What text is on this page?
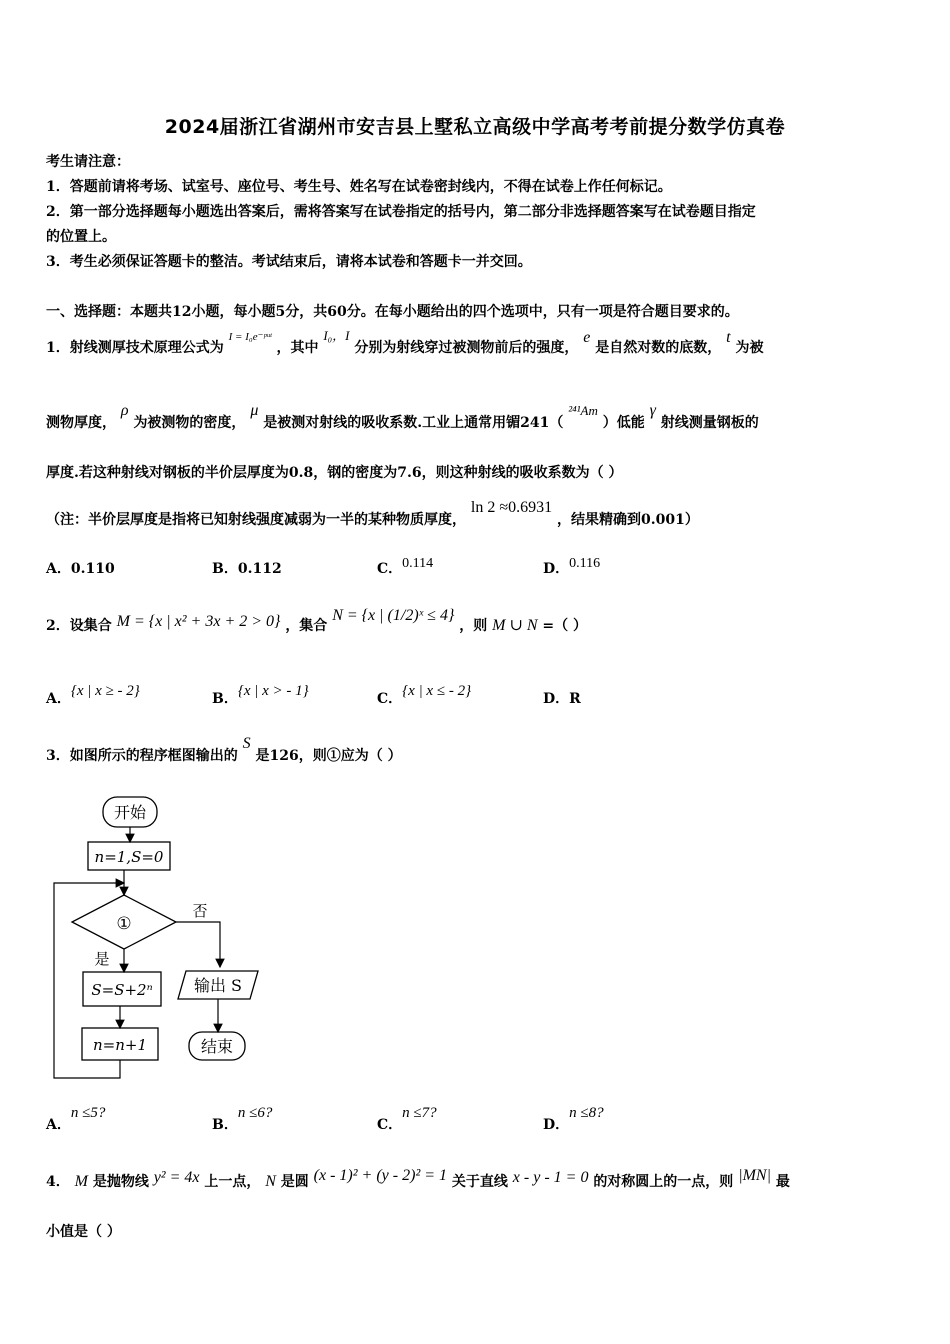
2024届浙江省湖州市安吉县上墅私立高级中学高考考前提分数学仿真卷
考生请注意：
1．答题前请将考场、试室号、座位号、考生号、姓名写在试卷密封线内，不得在试卷上作任何标记。
2．第一部分选择题每小题选出答案后，需将答案写在试卷指定的括号内，第二部分非选择题答案写在试卷题目指定
的位置上。
3．考生必须保证答题卡的整洁。考试结束后，请将本试卷和答题卡一并交回。
一、选择题：本题共12小题，每小题5分，共60分。在每小题给出的四个选项中，只有一项是符合题目要求的。
1．射线测厚技术原理公式为 $^{I = I_0e^-ᵖᵘᵗ}$ ，其中 I₀，I 分别为射线穿过被测物前后的强度， e 是自然对数的底数， t 为被
测物厚度， ρ 为被测物的密度， μ 是被测对射线的吸收系数.工业上通常用镅241（ ²⁴¹Am ）低能 γ 射线测量钢板的
厚度.若这种射线对钢板的半价层厚度为0.8，钢的密度为7.6，则这种射线的吸收系数为（ ）
（注：半价层厚度是指将已知射线强度减弱为一半的某种物质厚度， ln 2 ≈0.6931 ，结果精确到0.001）
A．0.110	B．0.112	C．0.114	D．0.116
2．设集合 M = {x | x² + 3x + 2 > 0} ，集合 N = {x | (1/2)ˣ ≤ 4} ，则 M ∪ N =（ ）
A．{x | x ≥ - 2}	B．{x | x > - 1}	C．{x | x ≤ - 2}	D．R
3．如图所示的程序框图输出的 S 是126，则①应为（ ）
开始
n=1,S=0
①
否
是
S=S+2ⁿ
n=n+1
输出 S
结束
A．n ≤5?
B．n ≤6?
C．n ≤7?
D．n ≤8?
4． M 是抛物线 y² = 4x 上一点， N 是圆 (x - 1)² + (y - 2)² = 1 关于直线 x - y - 1 = 0 的对称圆上的一点，则 |MN| 最
小值是（ ）
